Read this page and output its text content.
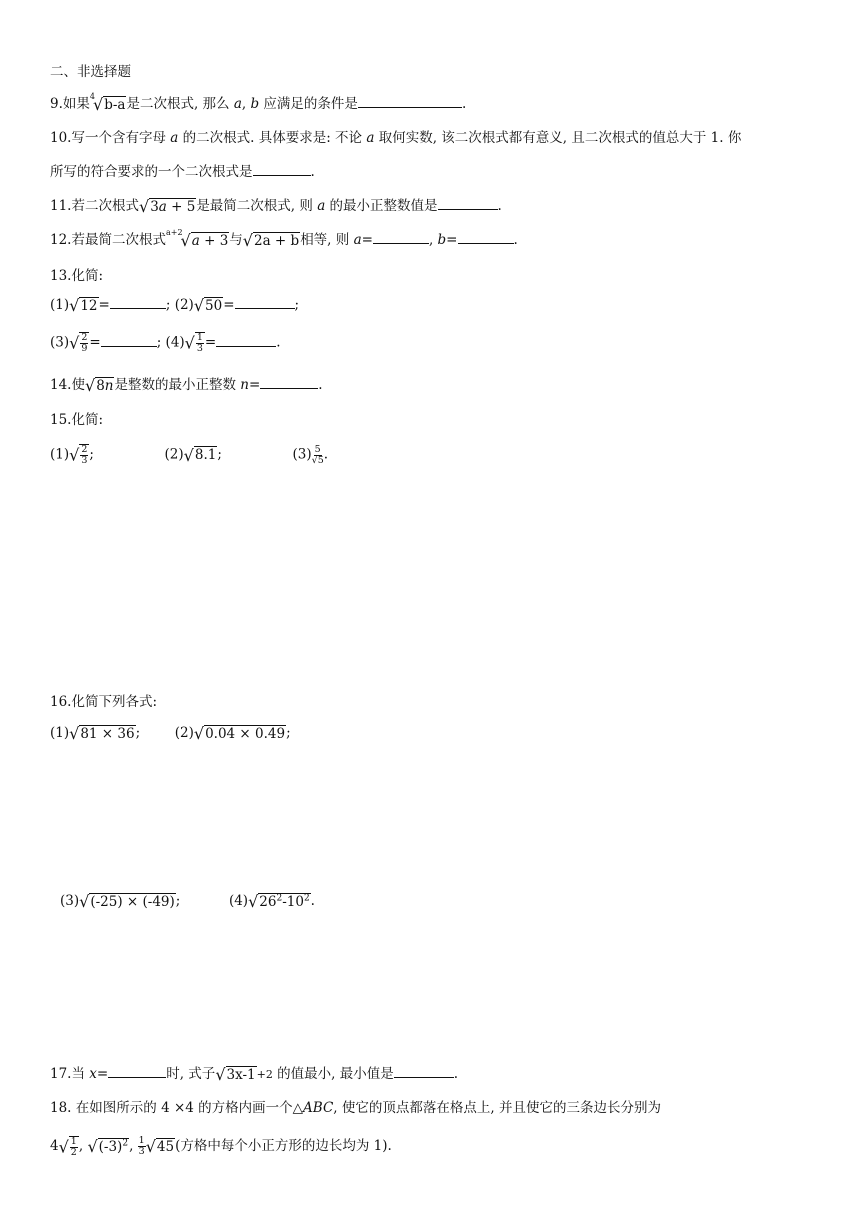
二、非选择题
9.如果$^4$√b-a是二次根式, 那么 a, b 应满足的条件是	.
10.写一个含有字母 a 的二次根式. 具体要求是: 不论 a 取何实数, 该二次根式都有意义, 且二次根式的值总大于 1. 你
所写的符合要求的一个二次根式是	.
11.若二次根式√3𝑎 + 5是最简二次根式, 则 a 的最小正整数值是	.
12.若最简二次根式$^{a+2}$√𝑎 + 3与√2a + b相等, 则 a=	, b=	.
13.化简:
(1)√12=	; (2)√50=	;
$(3)√ \frac{2}{9}$ =	; $(4)√ \frac{1}{3}$ =	.
14.使√8𝑛是整数的最小正整数 n=	.
15.化简:
$(1)√ \frac{2}{3}$ ;	(2)√8.1;	$(3) \frac{5}{√5}$ .
16.化简下列各式:
(1)√81 × 36;	(2)√0.04 × 0.49;
(3)√(-25) × (-49);	$(4)√26^2-10^2$.
17.当 x=	时, 式子√3x-1+2 的值最小, 最小值是	.
18. 在如图所示的 4 ×4 的方格内画一个△ABC, 使它的顶点都落在格点上, 并且使它的三条边长分别为
$4√ \frac{1}{2}$ , $√(-3)^2$, $\frac{1}{3} √45$(方格中每个小正方形的边长均为 1).
